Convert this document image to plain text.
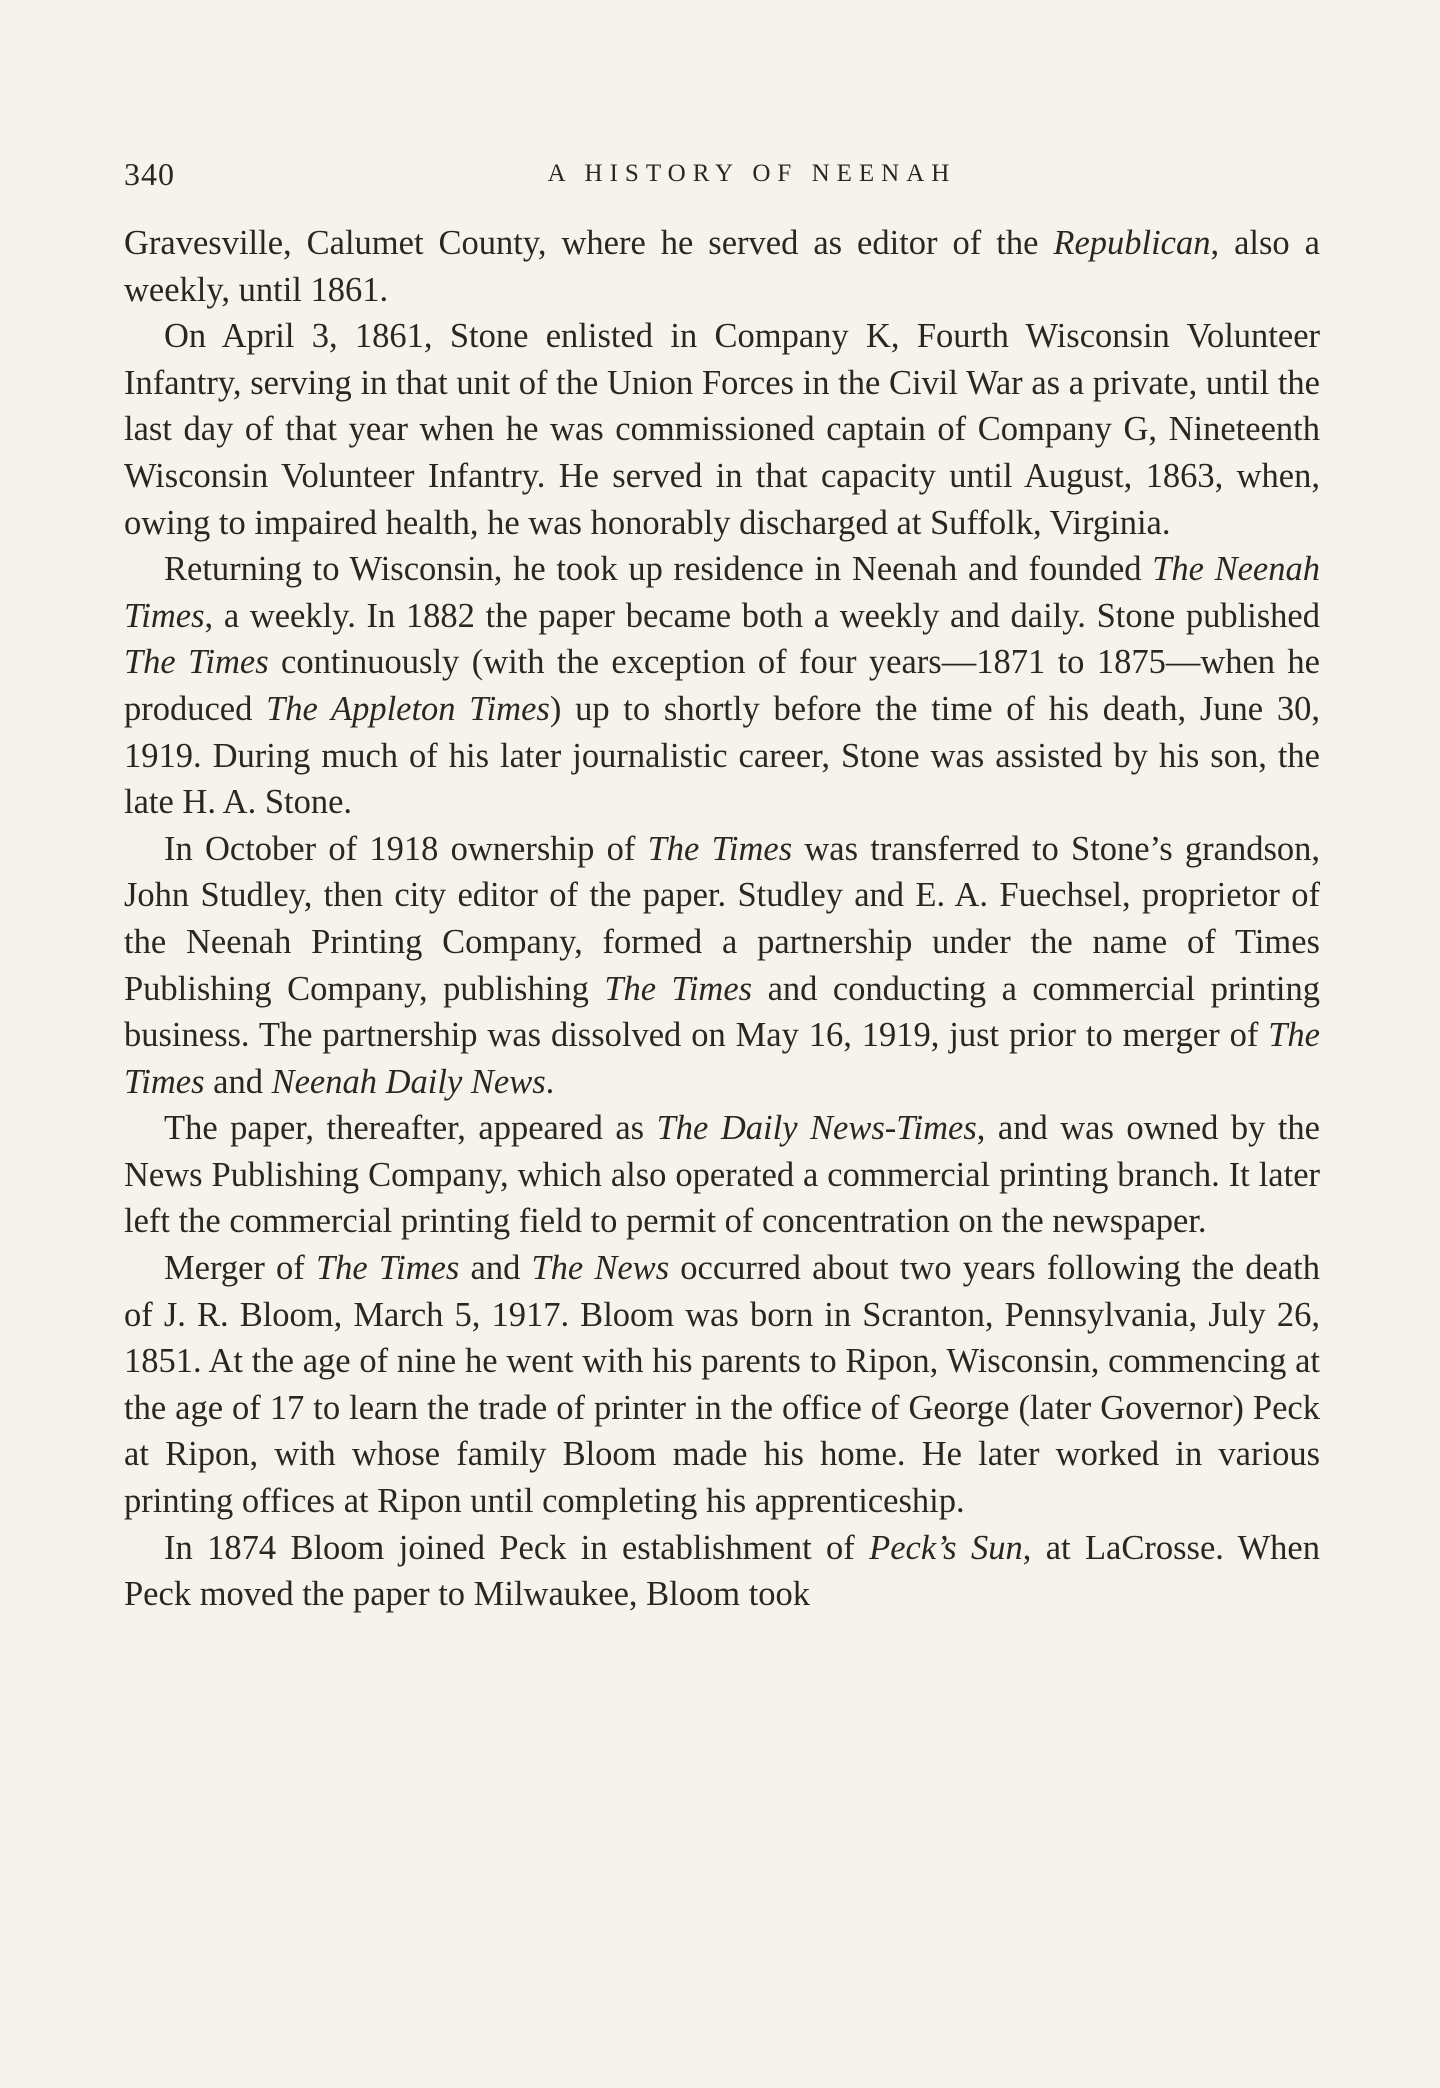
340	A HISTORY OF NEENAH

Gravesville, Calumet County, where he served as editor of the Republican, also a weekly, until 1861.

On April 3, 1861, Stone enlisted in Company K, Fourth Wisconsin Volunteer Infantry, serving in that unit of the Union Forces in the Civil War as a private, until the last day of that year when he was commissioned captain of Company G, Nineteenth Wisconsin Volunteer Infantry. He served in that capacity until August, 1863, when, owing to impaired health, he was honorably discharged at Suffolk, Virginia.

Returning to Wisconsin, he took up residence in Neenah and founded The Neenah Times, a weekly. In 1882 the paper became both a weekly and daily. Stone published The Times continuously (with the exception of four years—1871 to 1875—when he produced The Appleton Times) up to shortly before the time of his death, June 30, 1919. During much of his later journalistic career, Stone was assisted by his son, the late H. A. Stone.

In October of 1918 ownership of The Times was transferred to Stone’s grandson, John Studley, then city editor of the paper. Studley and E. A. Fuechsel, proprietor of the Neenah Printing Company, formed a partnership under the name of Times Publishing Company, publishing The Times and conducting a commercial printing business. The partnership was dissolved on May 16, 1919, just prior to merger of The Times and Neenah Daily News.

The paper, thereafter, appeared as The Daily News-Times, and was owned by the News Publishing Company, which also operated a commercial printing branch. It later left the commercial printing field to permit of concentration on the newspaper.

Merger of The Times and The News occurred about two years following the death of J. R. Bloom, March 5, 1917. Bloom was born in Scranton, Pennsylvania, July 26, 1851. At the age of nine he went with his parents to Ripon, Wisconsin, commencing at the age of 17 to learn the trade of printer in the office of George (later Governor) Peck at Ripon, with whose family Bloom made his home. He later worked in various printing offices at Ripon until completing his apprenticeship.

In 1874 Bloom joined Peck in establishment of Peck’s Sun, at LaCrosse. When Peck moved the paper to Milwaukee, Bloom took
